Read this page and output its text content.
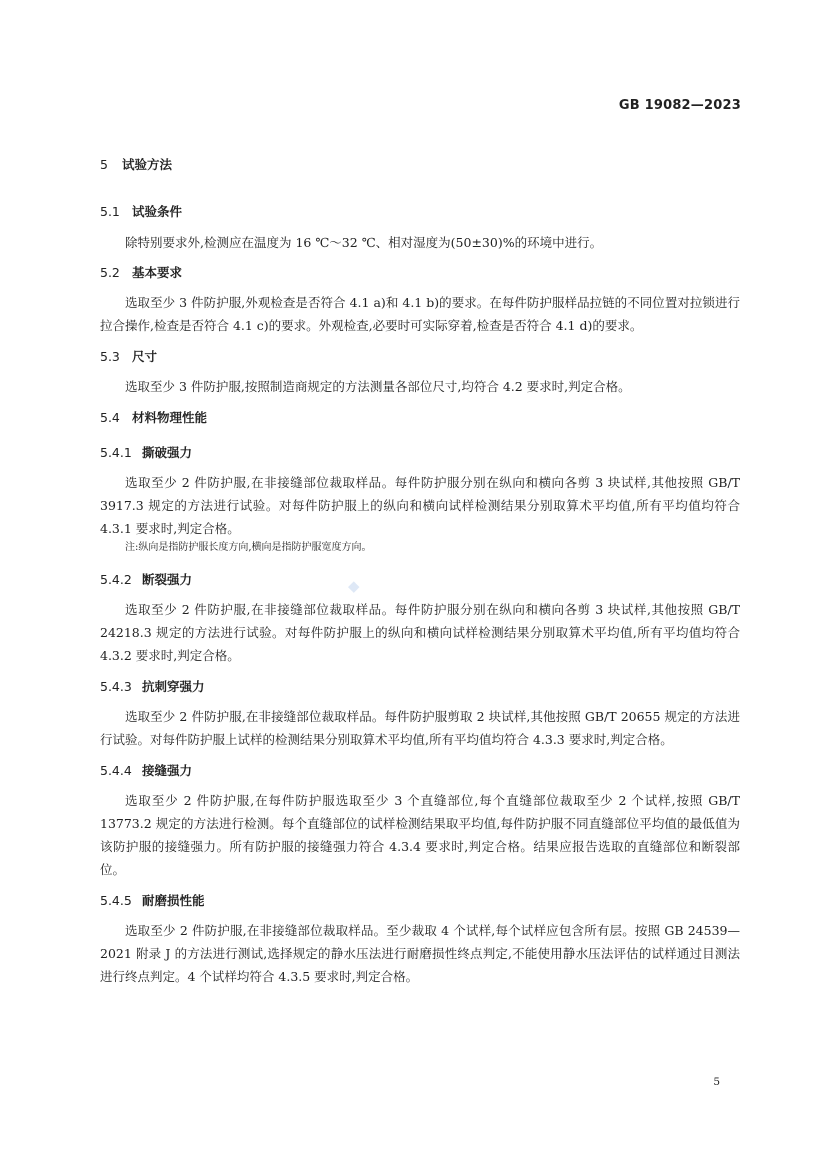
GB 19082—2023
5	试验方法
5.1 试验条件

除特别要求外,检测应在温度为 16 ℃～32 ℃、相对湿度为(50±30)%的环境中进行。

5.2 基本要求

选取至少 3 件防护服,外观检查是否符合 4.1 a)和 4.1 b)的要求。在每件防护服样品拉链的不同位置对拉锁进行拉合操作,检查是否符合 4.1 c)的要求。外观检查,必要时可实际穿着,检查是否符合 4.1 d)的要求。

5.3 尺寸

选取至少 3 件防护服,按照制造商规定的方法测量各部位尺寸,均符合 4.2 要求时,判定合格。

5.4 材料物理性能
5.4.1 撕破强力

选取至少 2 件防护服,在非接缝部位裁取样品。每件防护服分别在纵向和横向各剪 3 块试样,其他按照 GB/T 3917.3 规定的方法进行试验。对每件防护服上的纵向和横向试样检测结果分别取算术平均值,所有平均值均符合 4.3.1 要求时,判定合格。

注:纵向是指防护服长度方向,横向是指防护服宽度方向。

5.4.2 断裂强力

选取至少 2 件防护服,在非接缝部位裁取样品。每件防护服分别在纵向和横向各剪 3 块试样,其他按照 GB/T 24218.3 规定的方法进行试验。对每件防护服上的纵向和横向试样检测结果分别取算术平均值,所有平均值均符合 4.3.2 要求时,判定合格。

5.4.3 抗刺穿强力

选取至少 2 件防护服,在非接缝部位裁取样品。每件防护服剪取 2 块试样,其他按照 GB/T 20655 规定的方法进行试验。对每件防护服上试样的检测结果分别取算术平均值,所有平均值均符合 4.3.3 要求时,判定合格。

5.4.4 接缝强力

选取至少 2 件防护服,在每件防护服选取至少 3 个直缝部位,每个直缝部位裁取至少 2 个试样,按照 GB/T 13773.2 规定的方法进行检测。每个直缝部位的试样检测结果取平均值,每件防护服不同直缝部位平均值的最低值为该防护服的接缝强力。所有防护服的接缝强力符合 4.3.4 要求时,判定合格。结果应报告选取的直缝部位和断裂部位。

5.4.5 耐磨损性能

选取至少 2 件防护服,在非接缝部位裁取样品。至少裁取 4 个试样,每个试样应包含所有层。按照 GB 24539—2021 附录 J 的方法进行测试,选择规定的静水压法进行耐磨损性终点判定,不能使用静水压法评估的试样通过目测法进行终点判定。4 个试样均符合 4.3.5 要求时,判定合格。

◆
5
